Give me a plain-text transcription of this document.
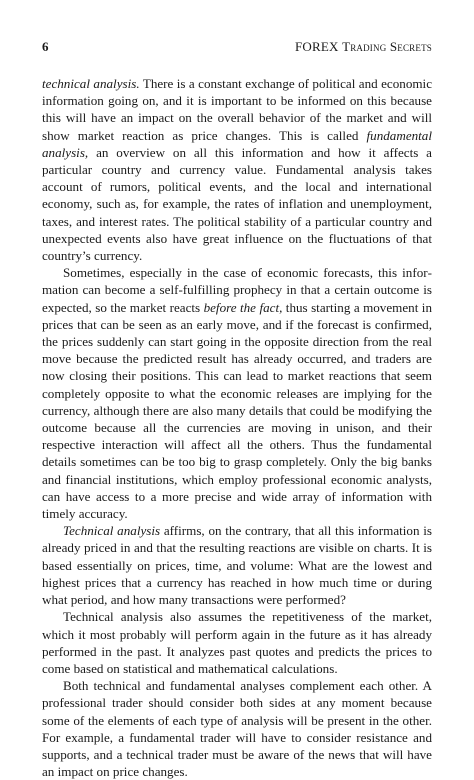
6	FOREX Trading Secrets

technical analysis. There is a constant exchange of political and economic information going on, and it is important to be informed on this because this will have an impact on the overall behavior of the market and will show market reaction as price changes. This is called fundamental analysis, an overview on all this information and how it affects a particular country and currency value. Fundamental analysis takes account of rumors, political events, and the local and international economy, such as, for example, the rates of inflation and unemployment, taxes, and interest rates. The political stability of a particular country and unexpected events also have great influence on the fluctuations of that country’s currency.

Sometimes, especially in the case of economic forecasts, this information can become a self-fulfilling prophecy in that a certain outcome is expected, so the market reacts before the fact, thus starting a movement in prices that can be seen as an early move, and if the forecast is confirmed, the prices suddenly can start going in the opposite direction from the real move because the predicted result has already occurred, and traders are now closing their positions. This can lead to market reactions that seem completely opposite to what the economic releases are implying for the currency, although there are also many details that could be modifying the outcome because all the currencies are moving in unison, and their respective interaction will affect all the others. Thus the fundamental details sometimes can be too big to grasp completely. Only the big banks and financial institutions, which employ professional economic analysts, can have access to a more precise and wide array of information with timely accuracy.

Technical analysis affirms, on the contrary, that all this information is already priced in and that the resulting reactions are visible on charts. It is based essentially on prices, time, and volume: What are the lowest and highest prices that a currency has reached in how much time or during what period, and how many transactions were performed?

Technical analysis also assumes the repetitiveness of the market, which it most probably will perform again in the future as it has already performed in the past. It analyzes past quotes and predicts the prices to come based on statistical and mathematical calculations.

Both technical and fundamental analyses complement each other. A professional trader should consider both sides at any moment because some of the elements of each type of analysis will be present in the other. For example, a fundamental trader will have to consider resistance and supports, and a technical trader must be aware of the news that will have an impact on price changes.
